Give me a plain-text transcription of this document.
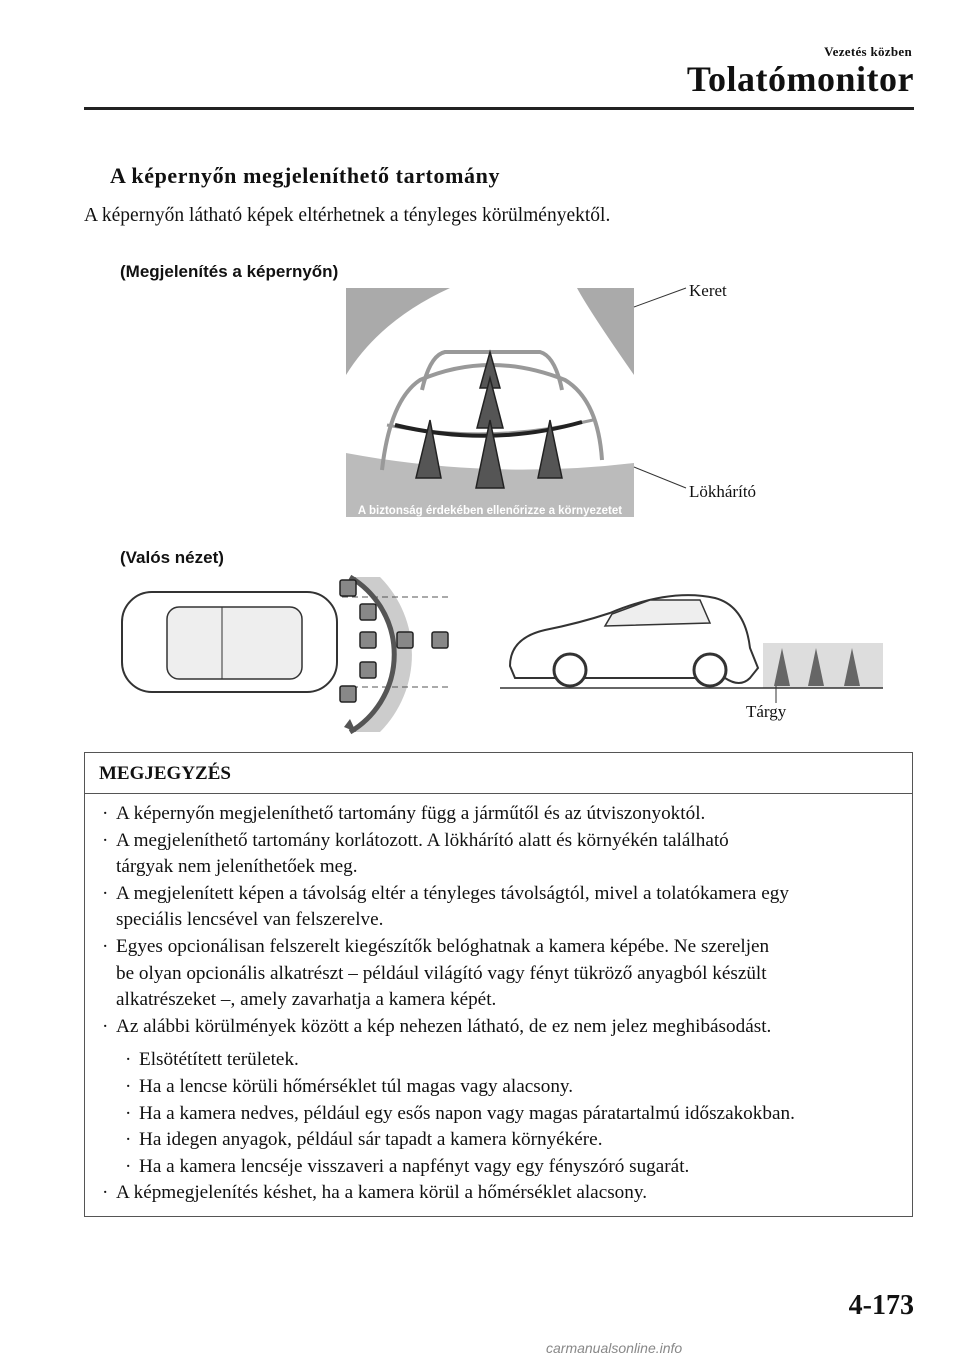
Vezetés közben
Tolatómonitor
A képernyőn megjeleníthető tartomány
A képernyőn látható képek eltérhetnek a tényleges körülményektől.
(Megjelenítés a képernyőn)
Keret
Lökhárító
(Valós nézet)
Tárgy
A biztonság érdekében ellenőrizze a környezetet
MEGJEGYZÉS
· A képernyőn megjeleníthető tartomány függ a járműtől és az útviszonyoktól.
· A megjeleníthető tartomány korlátozott. A lökhárító alatt és környékén található
tárgyak nem jeleníthetőek meg.
· A megjelenített képen a távolság eltér a tényleges távolságtól, mivel a tolatókamera egy
speciális lencsével van felszerelve.
· Egyes opcionálisan felszerelt kiegészítők belóghatnak a kamera képébe. Ne szereljen
be olyan opcionális alkatrészt – például világító vagy fényt tükröző anyagból készült
alkatrészeket –, amely zavarhatja a kamera képét.
· Az alábbi körülmények között a kép nehezen látható, de ez nem jelez meghibásodást.
· Elsötétített területek.
· Ha a lencse körüli hőmérséklet túl magas vagy alacsony.
· Ha a kamera nedves, például egy esős napon vagy magas páratartalmú időszakokban.
· Ha idegen anyagok, például sár tapadt a kamera környékére.
· Ha a kamera lencséje visszaveri a napfényt vagy egy fényszóró sugarát.
· A képmegjelenítés késhet, ha a kamera körül a hőmérséklet alacsony.
4-173
carmanualsonline.info
